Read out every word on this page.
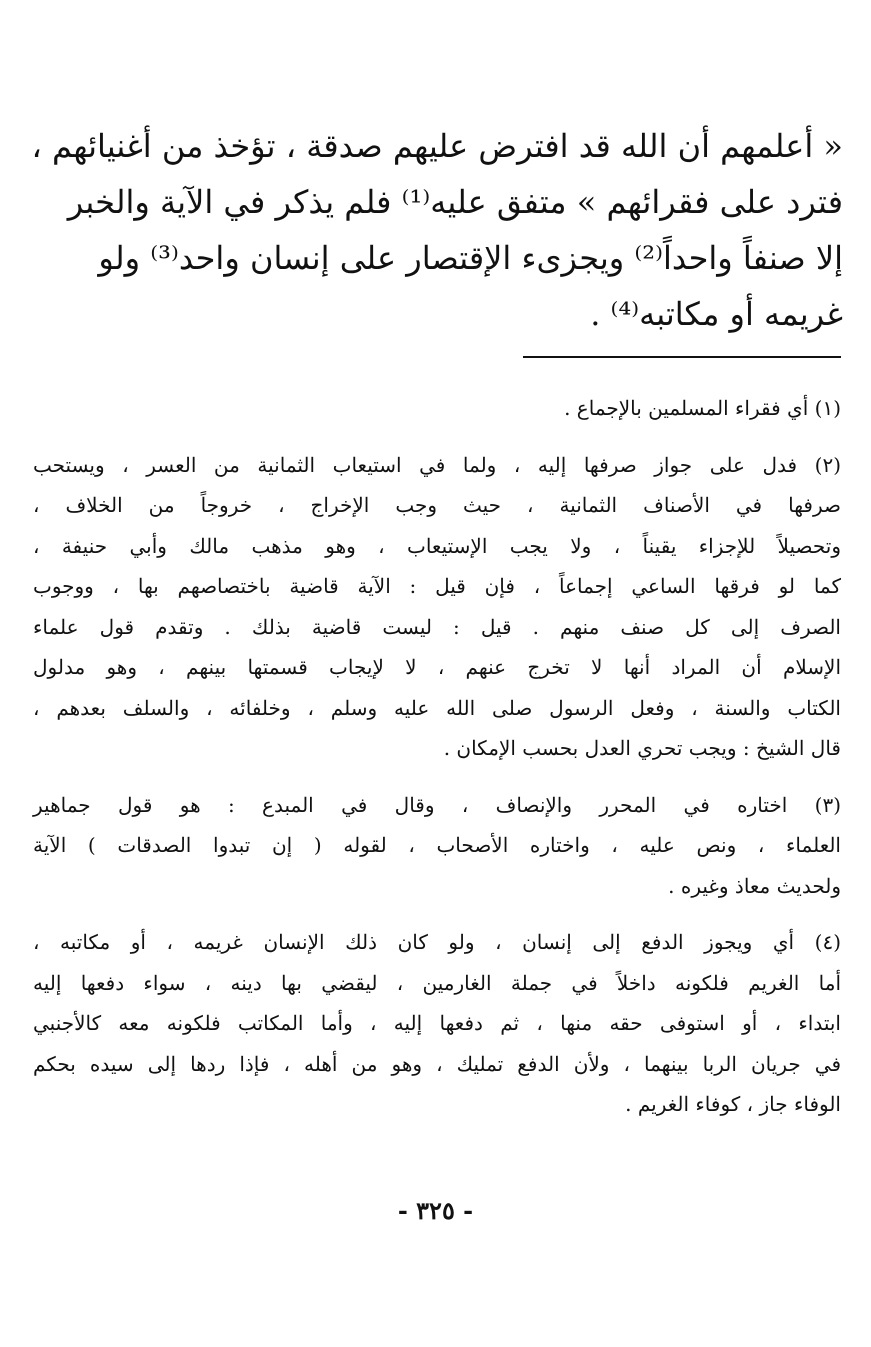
« أعلمهم أن الله قد افترض عليهم صدقة ، تؤخذ من أغنيائهم ،
فترد على فقرائهم » متفق عليه⁽¹⁾ فلم يذكر في الآية والخبر
إلا صنفاً واحداً⁽²⁾ ويجزىء الإقتصار على إنسان واحد⁽³⁾ ولو
غريمه أو مكاتبه⁽⁴⁾ .
(١) أي فقراء المسلمين بالإجماع .
(٢) فدل على جواز صرفها إليه ، ولما في استيعاب الثمانية من العسر ، ويستحب
صرفها في الأصناف الثمانية ، حيث وجب الإخراج ، خروجاً من الخلاف ،
وتحصيلاً للإجزاء يقيناً ، ولا يجب الإستيعاب ، وهو مذهب مالك وأبي حنيفة ،
كما لو فرقها الساعي إجماعاً ، فإن قيل : الآية قاضية باختصاصهم بها ، ووجوب
الصرف إلى كل صنف منهم . قيل : ليست قاضية بذلك . وتقدم قول علماء
الإسلام أن المراد أنها لا تخرج عنهم ، لا لإيجاب قسمتها بينهم ، وهو مدلول
الكتاب والسنة ، وفعل الرسول صلى الله عليه وسلم ، وخلفائه ، والسلف بعدهم ،
قال الشيخ : ويجب تحري العدل بحسب الإمكان .
(٣) اختاره في المحرر والإنصاف ، وقال في المبدع : هو قول جماهير
العلماء ، ونص عليه ، واختاره الأصحاب ، لقوله ( إن تبدوا الصدقات ) الآية
ولحديث معاذ وغيره .
(٤) أي ويجوز الدفع إلى إنسان ، ولو كان ذلك الإنسان غريمه ، أو مكاتبه ،
أما الغريم فلكونه داخلاً في جملة الغارمين ، ليقضي بها دينه ، سواء دفعها إليه
ابتداء ، أو استوفى حقه منها ، ثم دفعها إليه ، وأما المكاتب فلكونه معه كالأجنبي
في جريان الربا بينهما ، ولأن الدفع تمليك ، وهو من أهله ، فإذا ردها إلى سيده بحكم
الوفاء جاز ، كوفاء الغريم .
- ٣٢٥ -
